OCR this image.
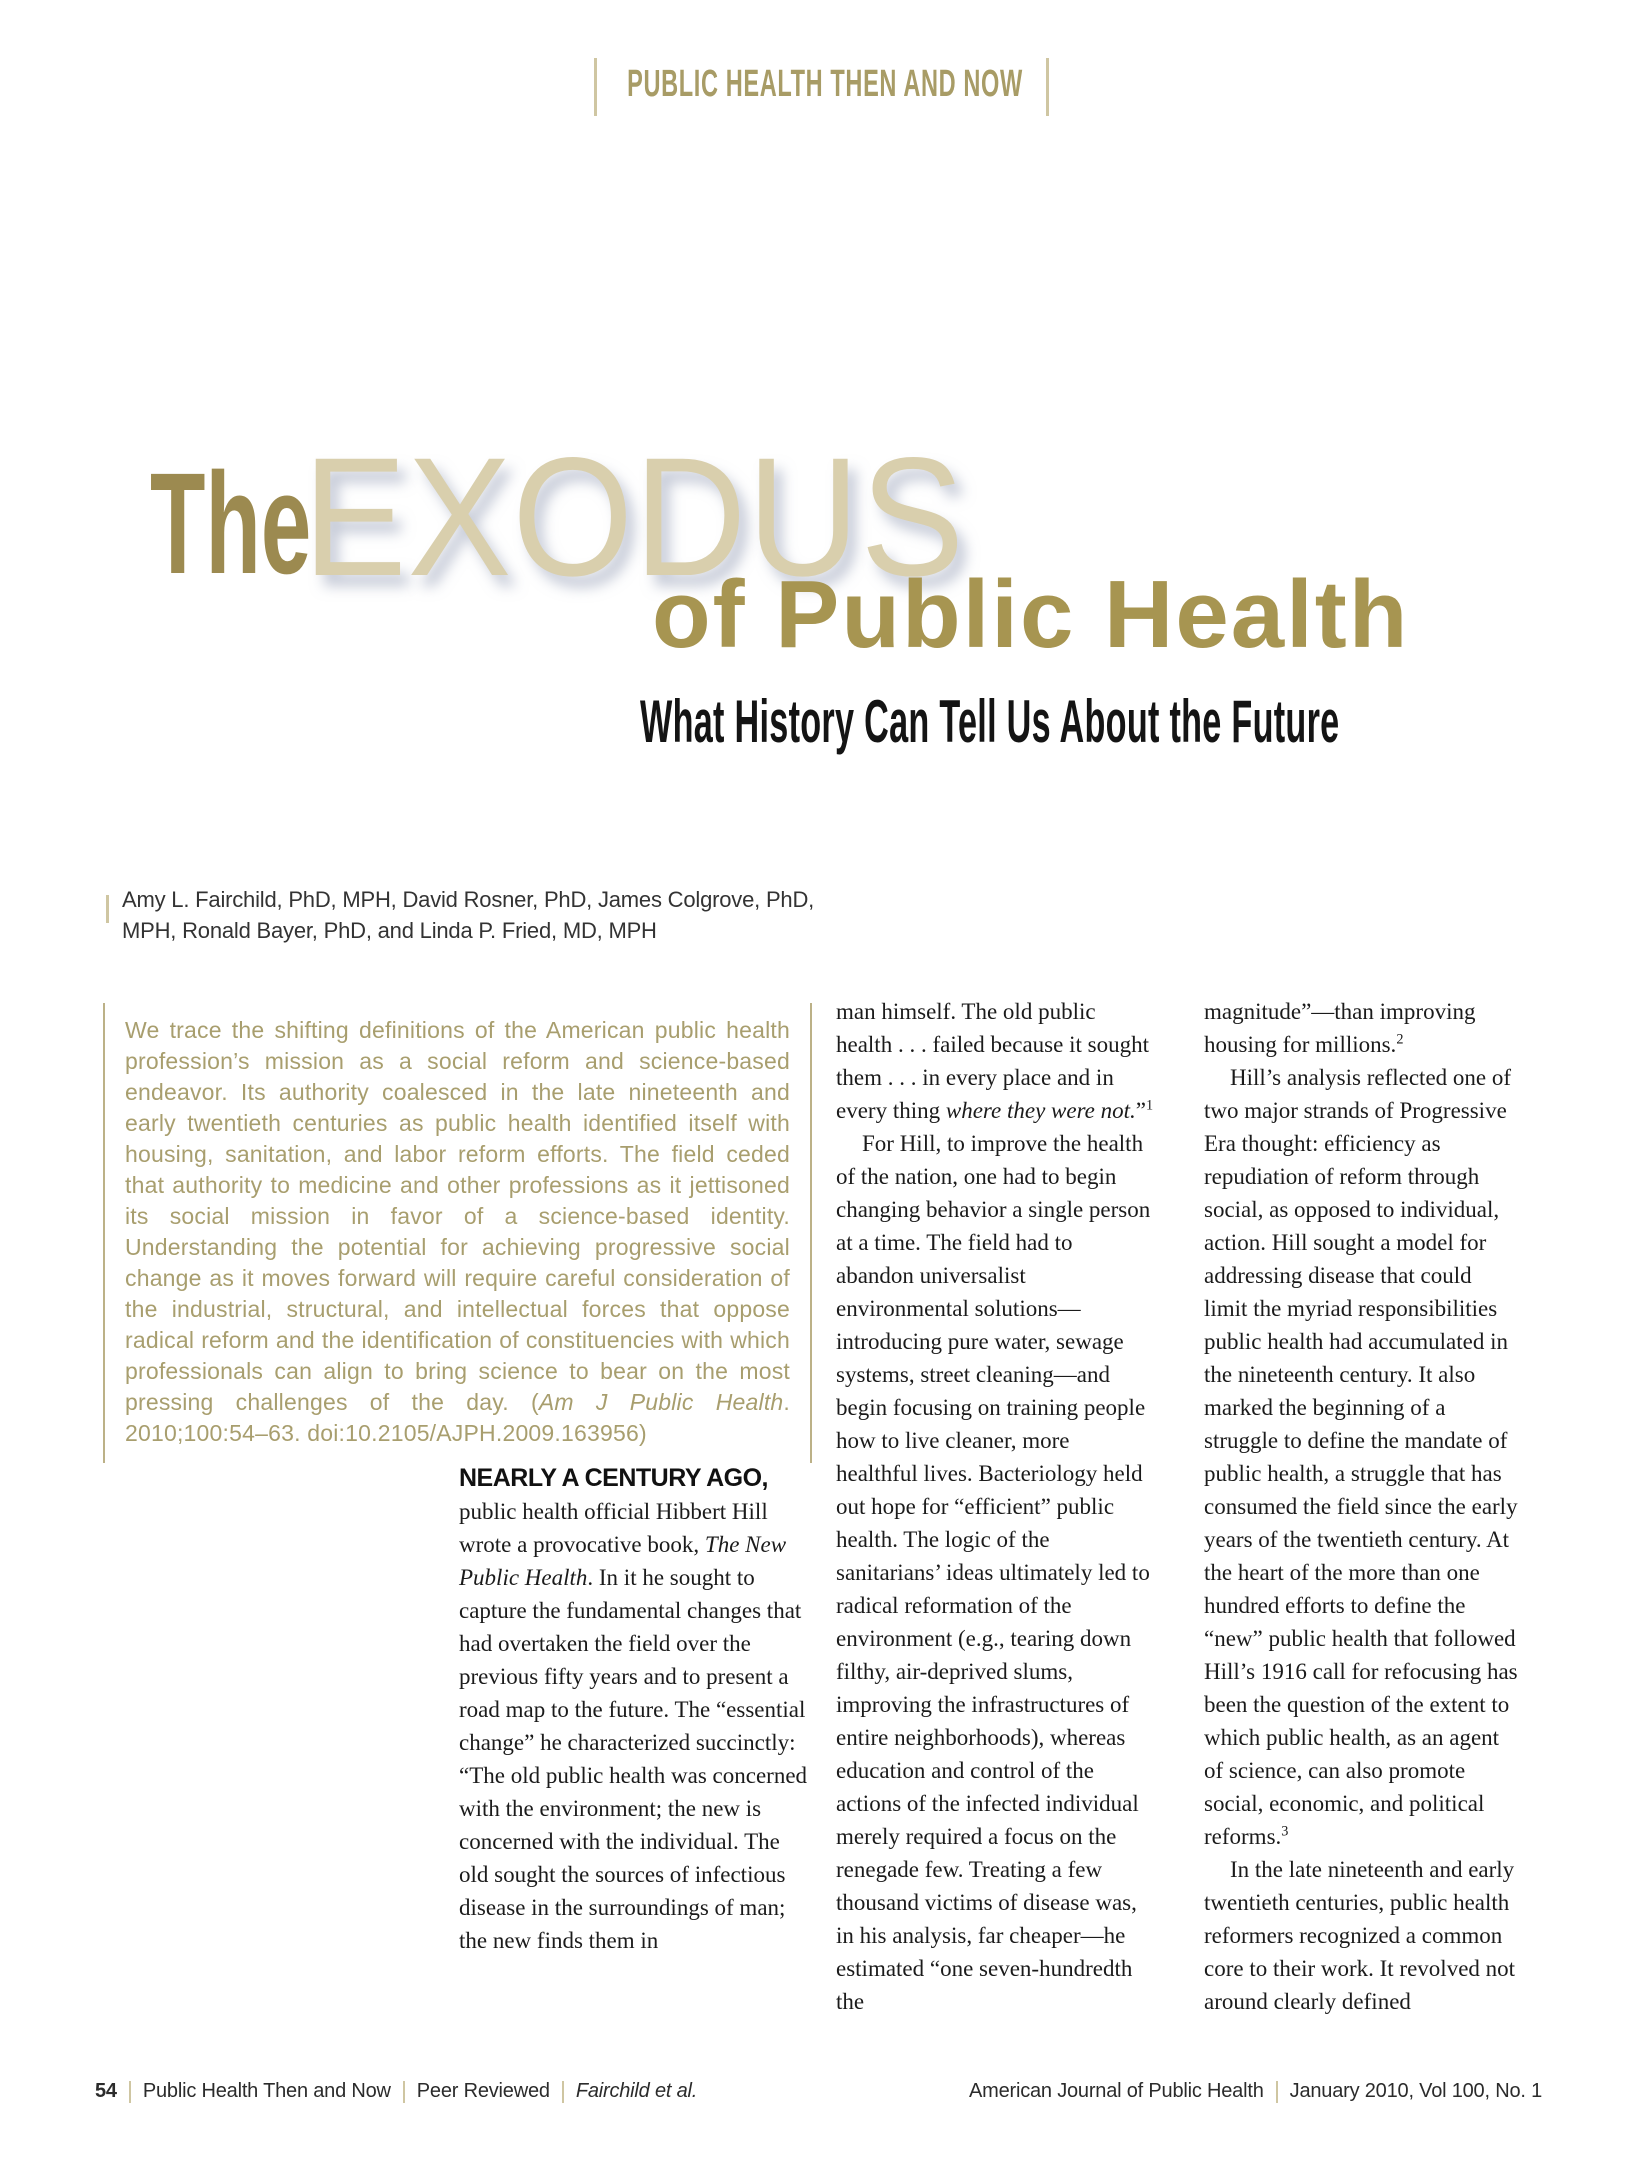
PUBLIC HEALTH THEN AND NOW
The
EXODUS
of Public Health
What History Can Tell Us About the Future

Amy L. Fairchild, PhD, MPH, David Rosner, PhD, James Colgrove, PhD, MPH, Ronald Bayer, PhD, and Linda P. Fried, MD, MPH

We trace the shifting definitions of the American public health profession’s mission as a social reform and science-based endeavor. Its authority coalesced in the late nineteenth and early twentieth centuries as public health identified itself with housing, sanitation, and labor reform efforts. The field ceded that authority to medicine and other professions as it jettisoned its social mission in favor of a science-based identity. Understanding the potential for achieving progressive social change as it moves forward will require careful consideration of the industrial, structural, and intellectual forces that oppose radical reform and the identification of constituencies with which professionals can align to bring science to bear on the most pressing challenges of the day. (Am J Public Health. 2010;100:54–63. doi:10.2105/AJPH.2009.163956)

NEARLY A CENTURY AGO,

public health official Hibbert Hill wrote a provocative book, The New Public Health. In it he sought to capture the fundamental changes that had overtaken the field over the previous fifty years and to present a road map to the future. The “essential change” he characterized succinctly: “The old public health was concerned with the environment; the new is concerned with the individual. The old sought the sources of infectious disease in the surroundings of man; the new finds them in

man himself. The old public health . . . failed because it sought them . . . in every place and in every thing where they were not.”$^1$

For Hill, to improve the health of the nation, one had to begin changing behavior a single person at a time. The field had to abandon universalist environmental solutions—introducing pure water, sewage systems, street cleaning—and begin focusing on training people how to live cleaner, more healthful lives. Bacteriology held out hope for “efficient” public health. The logic of the sanitarians’ ideas ultimately led to radical reformation of the environment (e.g., tearing down filthy, air-deprived slums, improving the infrastructures of entire neighborhoods), whereas education and control of the actions of the infected individual merely required a focus on the renegade few. Treating a few thousand victims of disease was, in his analysis, far cheaper—he estimated “one seven-hundredth the

magnitude”—than improving housing for millions.$^2$

Hill’s analysis reflected one of two major strands of Progressive Era thought: efficiency as repudiation of reform through social, as opposed to individual, action. Hill sought a model for addressing disease that could limit the myriad responsibilities public health had accumulated in the nineteenth century. It also marked the beginning of a struggle to define the mandate of public health, a struggle that has consumed the field since the early years of the twentieth century. At the heart of the more than one hundred efforts to define the “new” public health that followed Hill’s 1916 call for refocusing has been the question of the extent to which public health, as an agent of science, can also promote social, economic, and political reforms.$^3$

In the late nineteenth and early twentieth centuries, public health reformers recognized a common core to their work. It revolved not around clearly defined

54 Public Health Then and Now Peer Reviewed Fairchild et al.	American Journal of Public Health January 2010, Vol 100, No. 1
